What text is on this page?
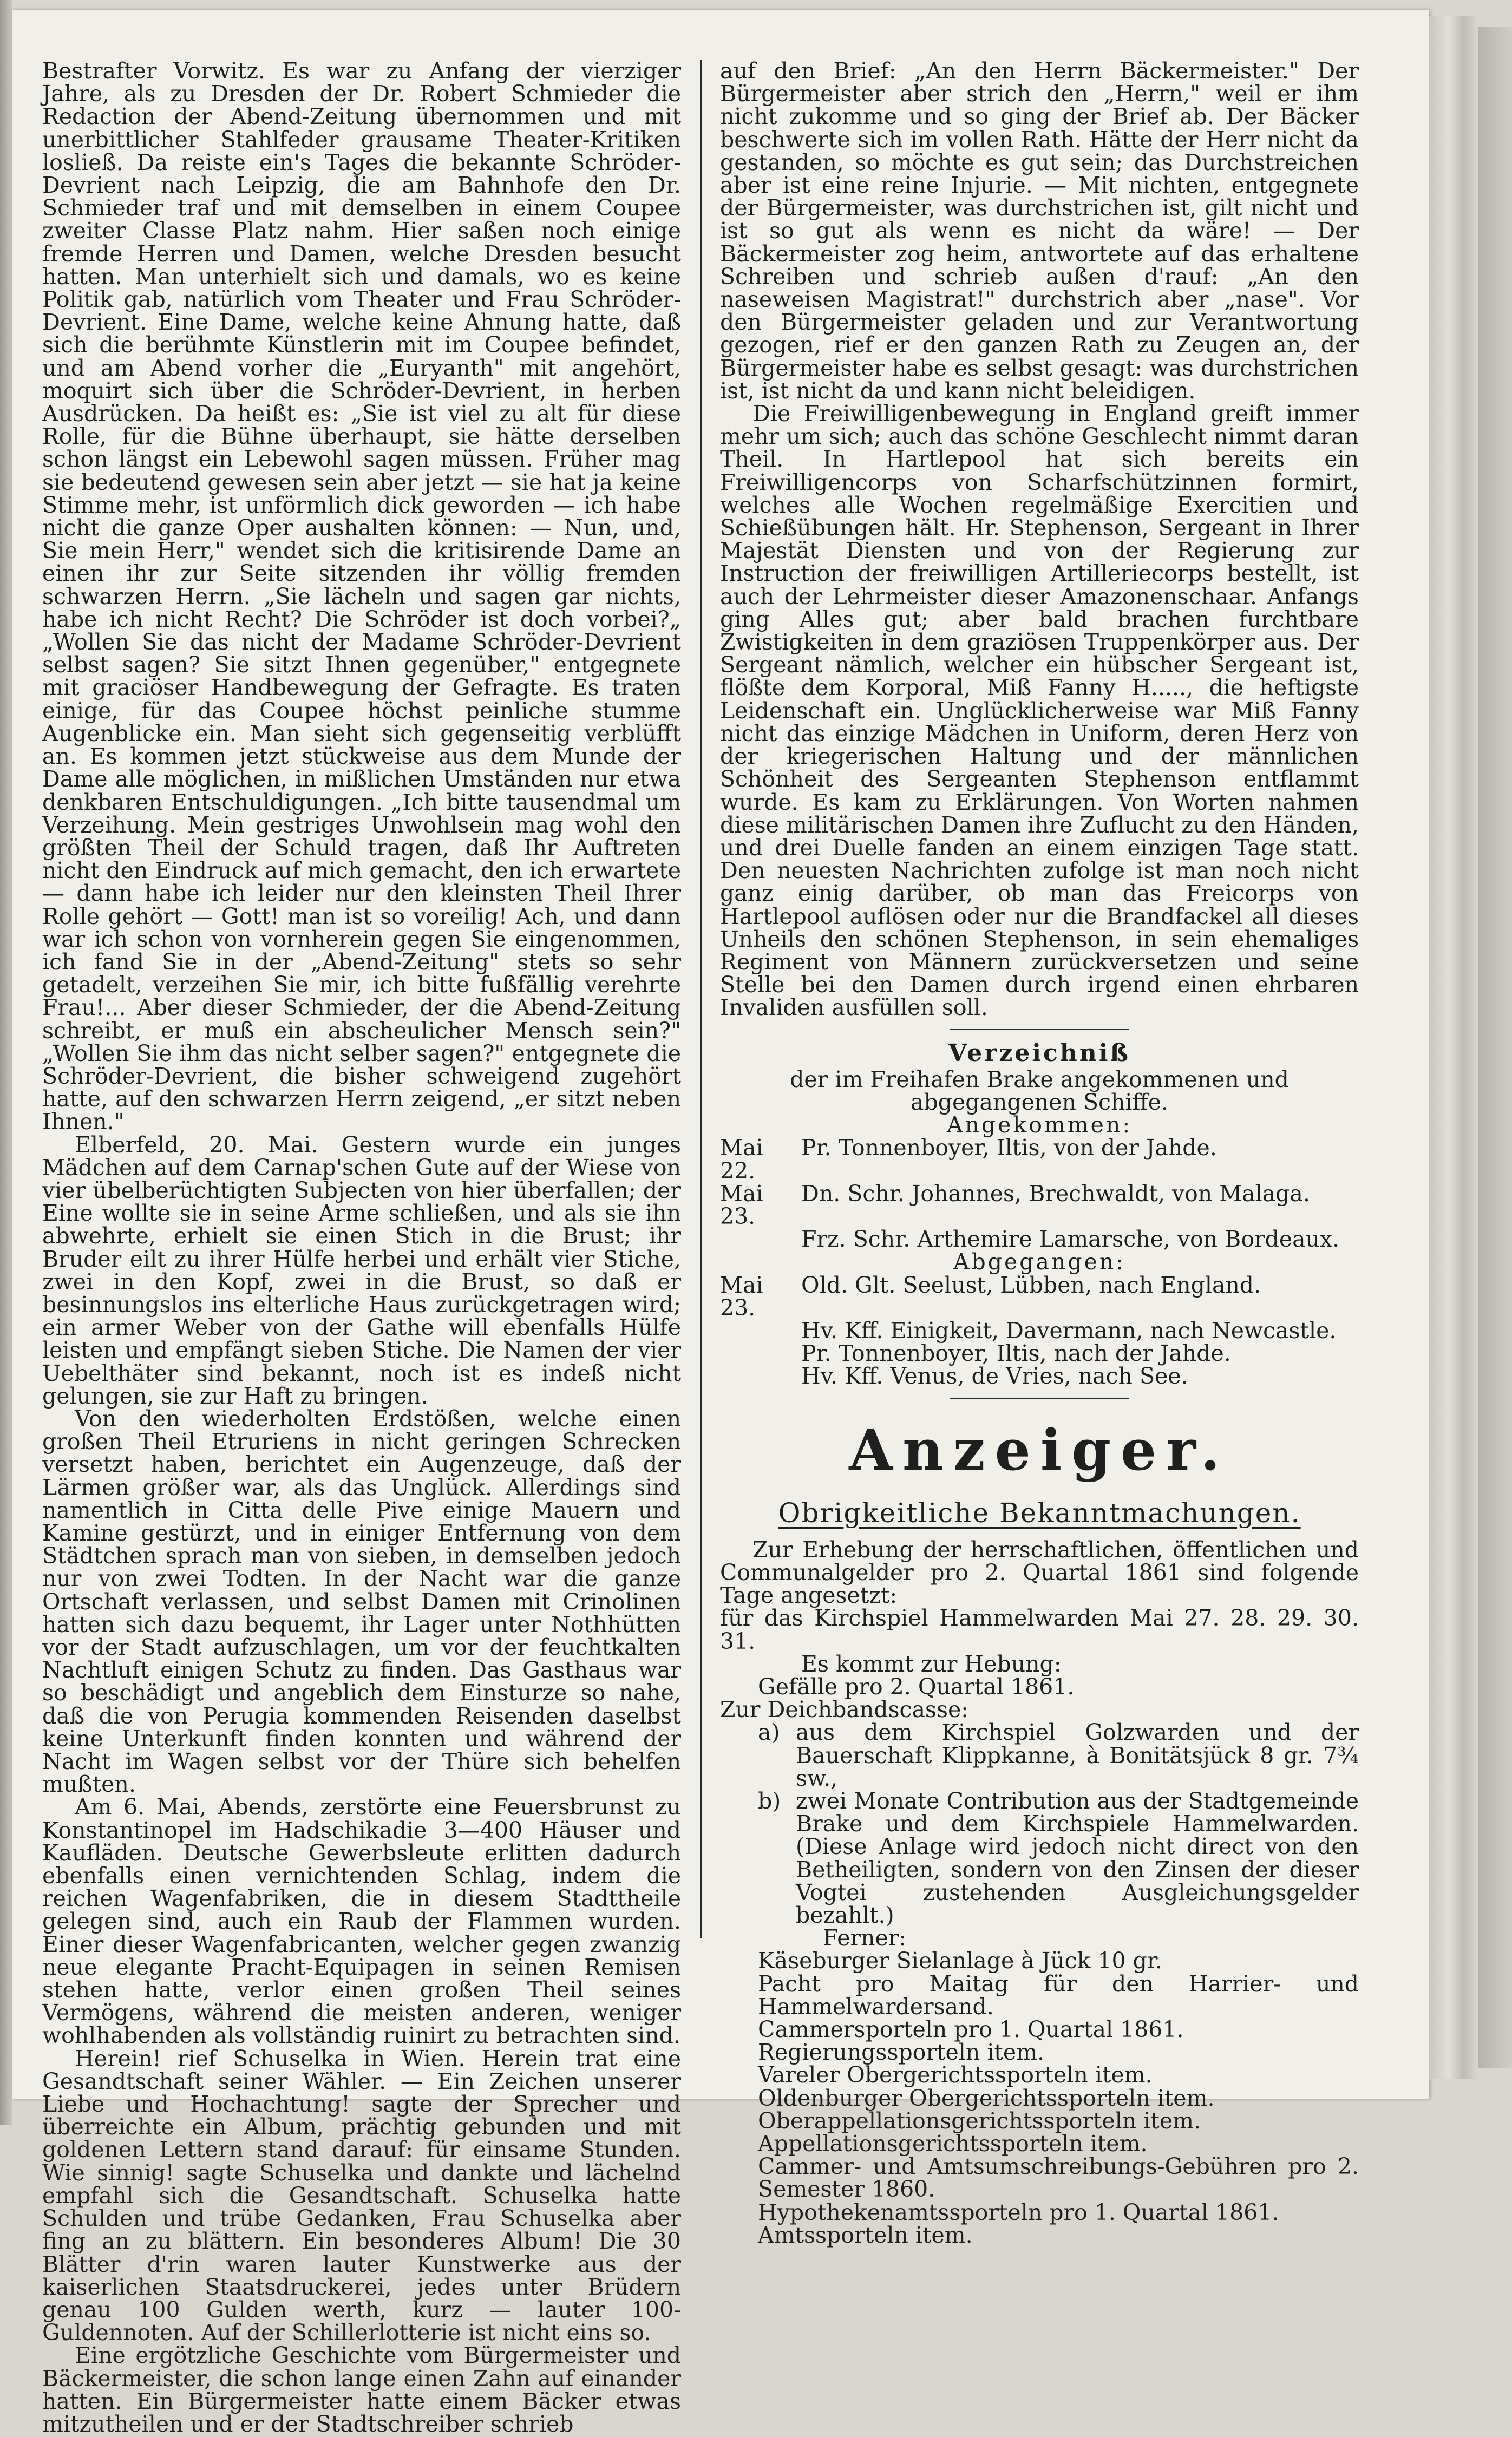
Bestrafter Vorwitz. Es war zu Anfang der vierziger Jahre, als zu Dresden der Dr. Robert Schmieder die Redaction der Abend-Zeitung übernommen und mit unerbittlicher Stahlfeder grausame Theater-Kritiken losließ. Da reiste ein's Tages die bekannte Schröder-Devrient nach Leipzig, die am Bahnhofe den Dr. Schmieder traf und mit demselben in einem Coupee zweiter Classe Platz nahm. Hier saßen noch einige fremde Herren und Damen, welche Dresden besucht hatten. Man unterhielt sich und damals, wo es keine Politik gab, natürlich vom Theater und Frau Schröder-Devrient. Eine Dame, welche keine Ahnung hatte, daß sich die berühmte Künstlerin mit im Coupee befindet, und am Abend vorher die „Euryanth" mit angehört, moquirt sich über die Schröder-Devrient, in herben Ausdrücken. Da heißt es: „Sie ist viel zu alt für diese Rolle, für die Bühne überhaupt, sie hätte derselben schon längst ein Lebewohl sagen müssen. Früher mag sie bedeutend gewesen sein aber jetzt — sie hat ja keine Stimme mehr, ist unförmlich dick geworden — ich habe nicht die ganze Oper aushalten können: — Nun, und, Sie mein Herr," wendet sich die kritisirende Dame an einen ihr zur Seite sitzenden ihr völlig fremden schwarzen Herrn. „Sie lächeln und sagen gar nichts, habe ich nicht Recht? Die Schröder ist doch vorbei?„ „Wollen Sie das nicht der Madame Schröder-Devrient selbst sagen? Sie sitzt Ihnen gegenüber," entgegnete mit graciöser Handbewegung der Gefragte. Es traten einige, für das Coupee höchst peinliche stumme Augenblicke ein. Man sieht sich gegenseitig verblüfft an. Es kommen jetzt stückweise aus dem Munde der Dame alle möglichen, in mißlichen Umständen nur etwa denkbaren Entschuldigungen. „Ich bitte tausendmal um Verzeihung. Mein gestriges Unwohlsein mag wohl den größten Theil der Schuld tragen, daß Ihr Auftreten nicht den Eindruck auf mich gemacht, den ich erwartete — dann habe ich leider nur den kleinsten Theil Ihrer Rolle gehört — Gott! man ist so voreilig! Ach, und dann war ich schon von vornherein gegen Sie eingenommen, ich fand Sie in der „Abend-Zeitung" stets so sehr getadelt, verzeihen Sie mir, ich bitte fußfällig verehrte Frau!... Aber dieser Schmieder, der die Abend-Zeitung schreibt, er muß ein abscheulicher Mensch sein?" „Wollen Sie ihm das nicht selber sagen?" entgegnete die Schröder-Devrient, die bisher schweigend zugehört hatte, auf den schwarzen Herrn zeigend, „er sitzt neben Ihnen."

Elberfeld, 20. Mai. Gestern wurde ein junges Mädchen auf dem Carnap'schen Gute auf der Wiese von vier übelberüchtigten Subjecten von hier überfallen; der Eine wollte sie in seine Arme schließen, und als sie ihn abwehrte, erhielt sie einen Stich in die Brust; ihr Bruder eilt zu ihrer Hülfe herbei und erhält vier Stiche, zwei in den Kopf, zwei in die Brust, so daß er besinnungslos ins elterliche Haus zurückgetragen wird; ein armer Weber von der Gathe will ebenfalls Hülfe leisten und empfängt sieben Stiche. Die Namen der vier Uebelthäter sind bekannt, noch ist es indeß nicht gelungen, sie zur Haft zu bringen.

Von den wiederholten Erdstößen, welche einen großen Theil Etruriens in nicht geringen Schrecken versetzt haben, berichtet ein Augenzeuge, daß der Lärmen größer war, als das Unglück. Allerdings sind namentlich in Citta delle Pive einige Mauern und Kamine gestürzt, und in einiger Entfernung von dem Städtchen sprach man von sieben, in demselben jedoch nur von zwei Todten. In der Nacht war die ganze Ortschaft verlassen, und selbst Damen mit Crinolinen hatten sich dazu bequemt, ihr Lager unter Nothhütten vor der Stadt aufzuschlagen, um vor der feuchtkalten Nachtluft einigen Schutz zu finden. Das Gasthaus war so beschädigt und angeblich dem Einsturze so nahe, daß die von Perugia kommenden Reisenden daselbst keine Unterkunft finden konnten und während der Nacht im Wagen selbst vor der Thüre sich behelfen mußten.

Am 6. Mai, Abends, zerstörte eine Feuersbrunst zu Konstantinopel im Hadschikadie 3—400 Häuser und Kaufläden. Deutsche Gewerbsleute erlitten dadurch ebenfalls einen vernichtenden Schlag, indem die reichen Wagenfabriken, die in diesem Stadttheile gelegen sind, auch ein Raub der Flammen wurden. Einer dieser Wagenfabricanten, welcher gegen zwanzig neue elegante Pracht-Equipagen in seinen Remisen stehen hatte, verlor einen großen Theil seines Vermögens, während die meisten anderen, weniger wohlhabenden als vollständig ruinirt zu betrachten sind.

Herein! rief Schuselka in Wien. Herein trat eine Gesandtschaft seiner Wähler. — Ein Zeichen unserer Liebe und Hochachtung! sagte der Sprecher und überreichte ein Album, prächtig gebunden und mit goldenen Lettern stand darauf: für einsame Stunden. Wie sinnig! sagte Schuselka und dankte und lächelnd empfahl sich die Gesandtschaft. Schuselka hatte Schulden und trübe Gedanken, Frau Schuselka aber fing an zu blättern. Ein besonderes Album! Die 30 Blätter d'rin waren lauter Kunstwerke aus der kaiserlichen Staatsdruckerei, jedes unter Brüdern genau 100 Gulden werth, kurz — lauter 100-Guldennoten. Auf der Schillerlotterie ist nicht eins so.

Eine ergötzliche Geschichte vom Bürgermeister und Bäckermeister, die schon lange einen Zahn auf einander hatten. Ein Bürgermeister hatte einem Bäcker etwas mitzutheilen und er der Stadtschreiber schrieb

auf den Brief: „An den Herrn Bäckermeister." Der Bürgermeister aber strich den „Herrn," weil er ihm nicht zukomme und so ging der Brief ab. Der Bäcker beschwerte sich im vollen Rath. Hätte der Herr nicht da gestanden, so möchte es gut sein; das Durchstreichen aber ist eine reine Injurie. — Mit nichten, entgegnete der Bürgermeister, was durchstrichen ist, gilt nicht und ist so gut als wenn es nicht da wäre! — Der Bäckermeister zog heim, antwortete auf das erhaltene Schreiben und schrieb außen d'rauf: „An den naseweisen Magistrat!" durchstrich aber „nase". Vor den Bürgermeister geladen und zur Verantwortung gezogen, rief er den ganzen Rath zu Zeugen an, der Bürgermeister habe es selbst gesagt: was durchstrichen ist, ist nicht da und kann nicht beleidigen.

Die Freiwilligenbewegung in England greift immer mehr um sich; auch das schöne Geschlecht nimmt daran Theil. In Hartlepool hat sich bereits ein Freiwilligencorps von Scharfschützinnen formirt, welches alle Wochen regelmäßige Exercitien und Schießübungen hält. Hr. Stephenson, Sergeant in Ihrer Majestät Diensten und von der Regierung zur Instruction der freiwilligen Artilleriecorps bestellt, ist auch der Lehrmeister dieser Amazonenschaar. Anfangs ging Alles gut; aber bald brachen furchtbare Zwistigkeiten in dem graziösen Truppenkörper aus. Der Sergeant nämlich, welcher ein hübscher Sergeant ist, flößte dem Korporal, Miß Fanny H....., die heftigste Leidenschaft ein. Unglücklicherweise war Miß Fanny nicht das einzige Mädchen in Uniform, deren Herz von der kriegerischen Haltung und der männlichen Schönheit des Sergeanten Stephenson entflammt wurde. Es kam zu Erklärungen. Von Worten nahmen diese militärischen Damen ihre Zuflucht zu den Händen, und drei Duelle fanden an einem einzigen Tage statt. Den neuesten Nachrichten zufolge ist man noch nicht ganz einig darüber, ob man das Freicorps von Hartlepool auflösen oder nur die Brandfackel all dieses Unheils den schönen Stephenson, in sein ehemaliges Regiment von Männern zurückversetzen und seine Stelle bei den Damen durch irgend einen ehrbaren Invaliden ausfüllen soll.

Verzeichniß
der im Freihafen Brake angekommenen und abgegangenen Schiffe.
Angekommen:
Mai 22.
Pr. Tonnenboyer, Iltis, von der Jahde.
Mai 23.
Dn. Schr. Johannes, Brechwaldt, von Malaga.
Frz. Schr. Arthemire Lamarsche, von Bordeaux.
Abgegangen:
Mai 23.
Old. Glt. Seelust, Lübben, nach England.
Hv. Kff. Einigkeit, Davermann, nach Newcastle.
Pr. Tonnenboyer, Iltis, nach der Jahde.
Hv. Kff. Venus, de Vries, nach See.
Anzeiger.
Obrigkeitliche Bekanntmachungen.

Zur Erhebung der herrschaftlichen, öffentlichen und Communalgelder pro 2. Quartal 1861 sind folgende Tage angesetzt:

für das Kirchspiel Hammelwarden Mai 27. 28. 29. 30. 31.

Es kommt zur Hebung:

Gefälle pro 2. Quartal 1861.

Zur Deichbandscasse:

a) aus dem Kirchspiel Golzwarden und der Bauerschaft Klippkanne, à Bonitätsjück 8 gr. 7¾ sw.,
b) zwei Monate Contribution aus der Stadtgemeinde Brake und dem Kirchspiele Hammelwarden. (Diese Anlage wird jedoch nicht direct von den Betheiligten, sondern von den Zinsen der dieser Vogtei zustehenden Ausgleichungsgelder bezahlt.)

Ferner:

Käseburger Sielanlage à Jück 10 gr.

Pacht pro Maitag für den Harrier- und Hammelwardersand.

Cammersporteln pro 1. Quartal 1861.

Regierungssporteln item.

Vareler Obergerichtssporteln item.

Oldenburger Obergerichtssporteln item.

Oberappellationsgerichtssporteln item.

Appellationsgerichtssporteln item.

Cammer- und Amtsumschreibungs-Gebühren pro 2. Semester 1860.

Hypothekenamtssporteln pro 1. Quartal 1861.

Amtssporteln item.
